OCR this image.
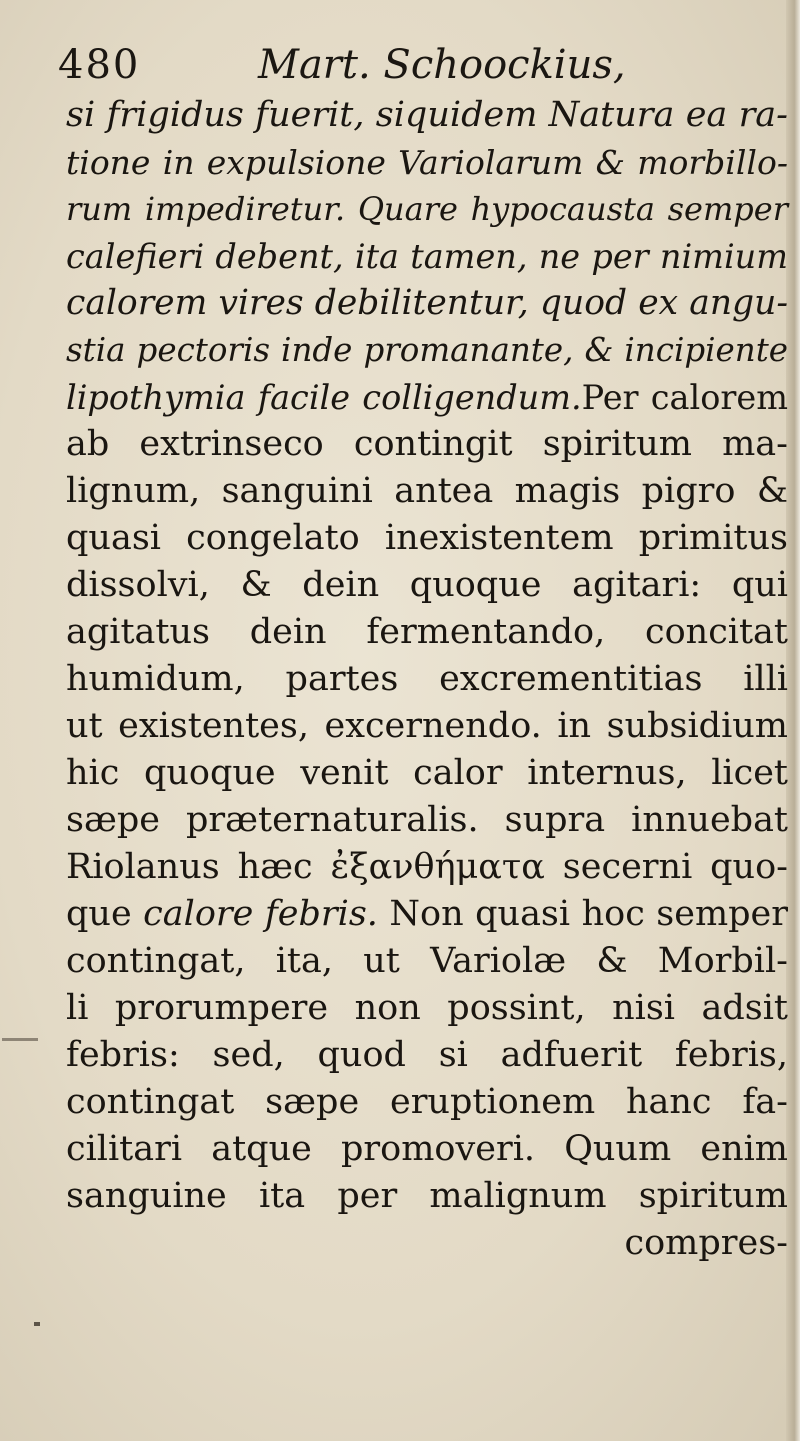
480	Mart. Schoockius,
si frigidus fuerit, siquidem Natura ea ra-
tione in expulsione Variolarum & morbillo-
rum impediretur. Quare hypocausta semper
calefieri debent, ita tamen, ne per nimium
calorem vires debilitentur, quod ex angu-
stia pectoris inde promanante, & incipiente
lipothymia facile colligendum.Per calorem
ab extrinseco contingit spiritum ma-
lignum, sanguini antea magis pigro &
quasi congelato inexistentem primitus
dissolvi, & dein quoque agitari: qui
agitatus dein fermentando, concitat
humidum, partes excrementitias illi
ut existentes, excernendo. in subsidium
hic quoque venit calor internus, licet
sæpe præternaturalis. supra innuebat
Riolanus hæc ἐξανθήματα secerni quo-
que calore febris. Non quasi hoc semper
contingat, ita, ut Variolæ & Morbil-
li prorumpere non possint, nisi adsit
febris: sed, quod si adfuerit febris,
contingat sæpe eruptionem hanc fa-
cilitari atque promoveri. Quum enim
sanguine ita per malignum spiritum
compres-
